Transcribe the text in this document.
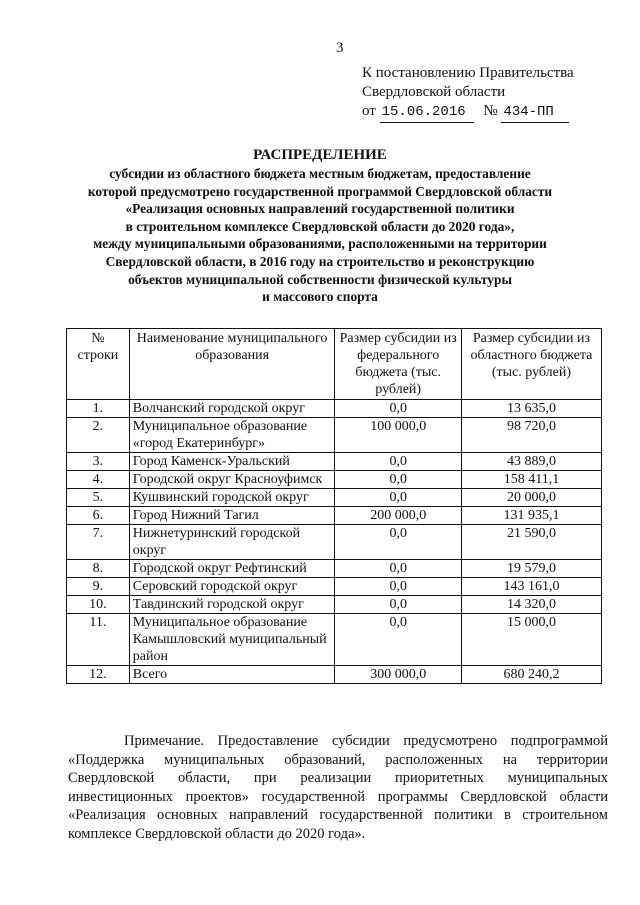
3
К постановлению Правительства
Свердловской области
от 15.06.2016 № 434-ПП
РАСПРЕДЕЛЕНИЕ
субсидии из областного бюджета местным бюджетам, предоставление
которой предусмотрено государственной программой Свердловской области
«Реализация основных направлений государственной политики
в строительном комплексе Свердловской области до 2020 года»,
между муниципальными образованиями, расположенными на территории
Свердловской области, в 2016 году на строительство и реконструкцию
объектов муниципальной собственности физической культуры
и массового спорта
№ строки	Наименование муниципального образования	Размер субсидии из федерального бюджета (тыс. рублей)	Размер субсидии из областного бюджета (тыс. рублей)
1.	Волчанский городской округ	0,0	13 635,0
2.	Муниципальное образование «город Екатеринбург»	100 000,0	98 720,0
3.	Город Каменск-Уральский	0,0	43 889,0
4.	Городской округ Красноуфимск	0,0	158 411,1
5.	Кушвинский городской округ	0,0	20 000,0
6.	Город Нижний Тагил	200 000,0	131 935,1
7.	Нижнетуринский городской округ	0,0	21 590,0
8.	Городской округ Рефтинский	0,0	19 579,0
9.	Серовский городской округ	0,0	143 161,0
10.	Тавдинский городской округ	0,0	14 320,0
11.	Муниципальное образование Камышловский муниципальный район	0,0	15 000,0
12.	Всего	300 000,0	680 240,2
Примечание. Предоставление субсидии предусмотрено подпрограммой «Поддержка муниципальных образований, расположенных на территории Свердловской области, при реализации приоритетных муниципальных инвестиционных проектов» государственной программы Свердловской области «Реализация основных направлений государственной политики в строительном комплексе Свердловской области до 2020 года».
